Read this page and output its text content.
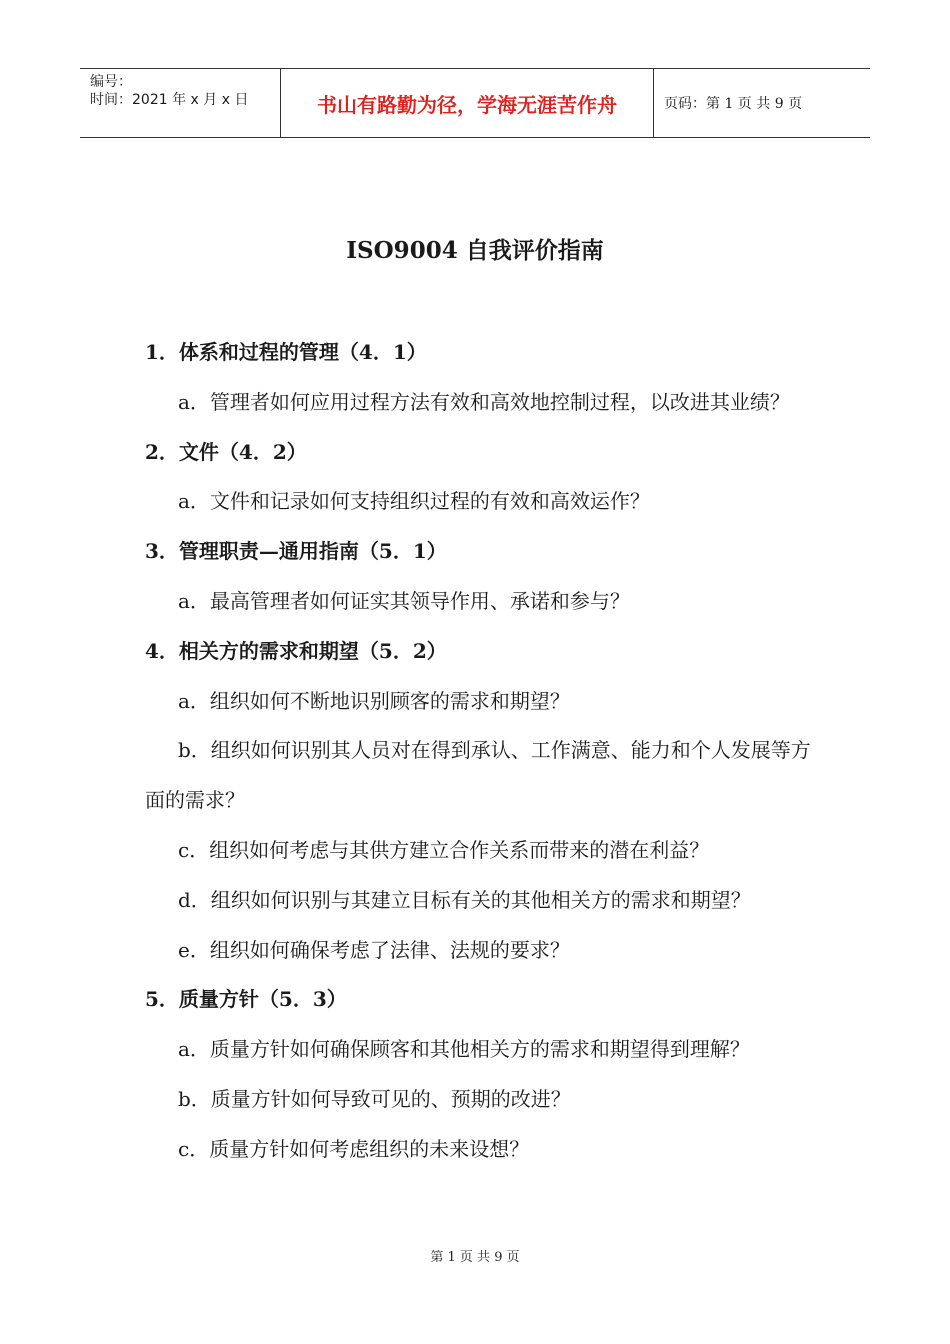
编号：
时间：2021 年 x 月 x 日	书山有路勤为径，学海无涯苦作舟	页码：第 1 页 共 9 页
ISO9004 自我评价指南
1．体系和过程的管理（4．1）
a．管理者如何应用过程方法有效和高效地控制过程，以改进其业绩？
2．文件（4．2）
a．文件和记录如何支持组织过程的有效和高效运作？
3．管理职责—通用指南（5．1）
a．最高管理者如何证实其领导作用、承诺和参与？
4．相关方的需求和期望（5．2）
a．组织如何不断地识别顾客的需求和期望？
b．组织如何识别其人员对在得到承认、工作满意、能力和个人发展等方面的需求？
c．组织如何考虑与其供方建立合作关系而带来的潜在利益？
d．组织如何识别与其建立目标有关的其他相关方的需求和期望？
e．组织如何确保考虑了法律、法规的要求？
5．质量方针（5．3）
a．质量方针如何确保顾客和其他相关方的需求和期望得到理解？
b．质量方针如何导致可见的、预期的改进？
c．质量方针如何考虑组织的未来设想？
第 1 页 共 9 页
